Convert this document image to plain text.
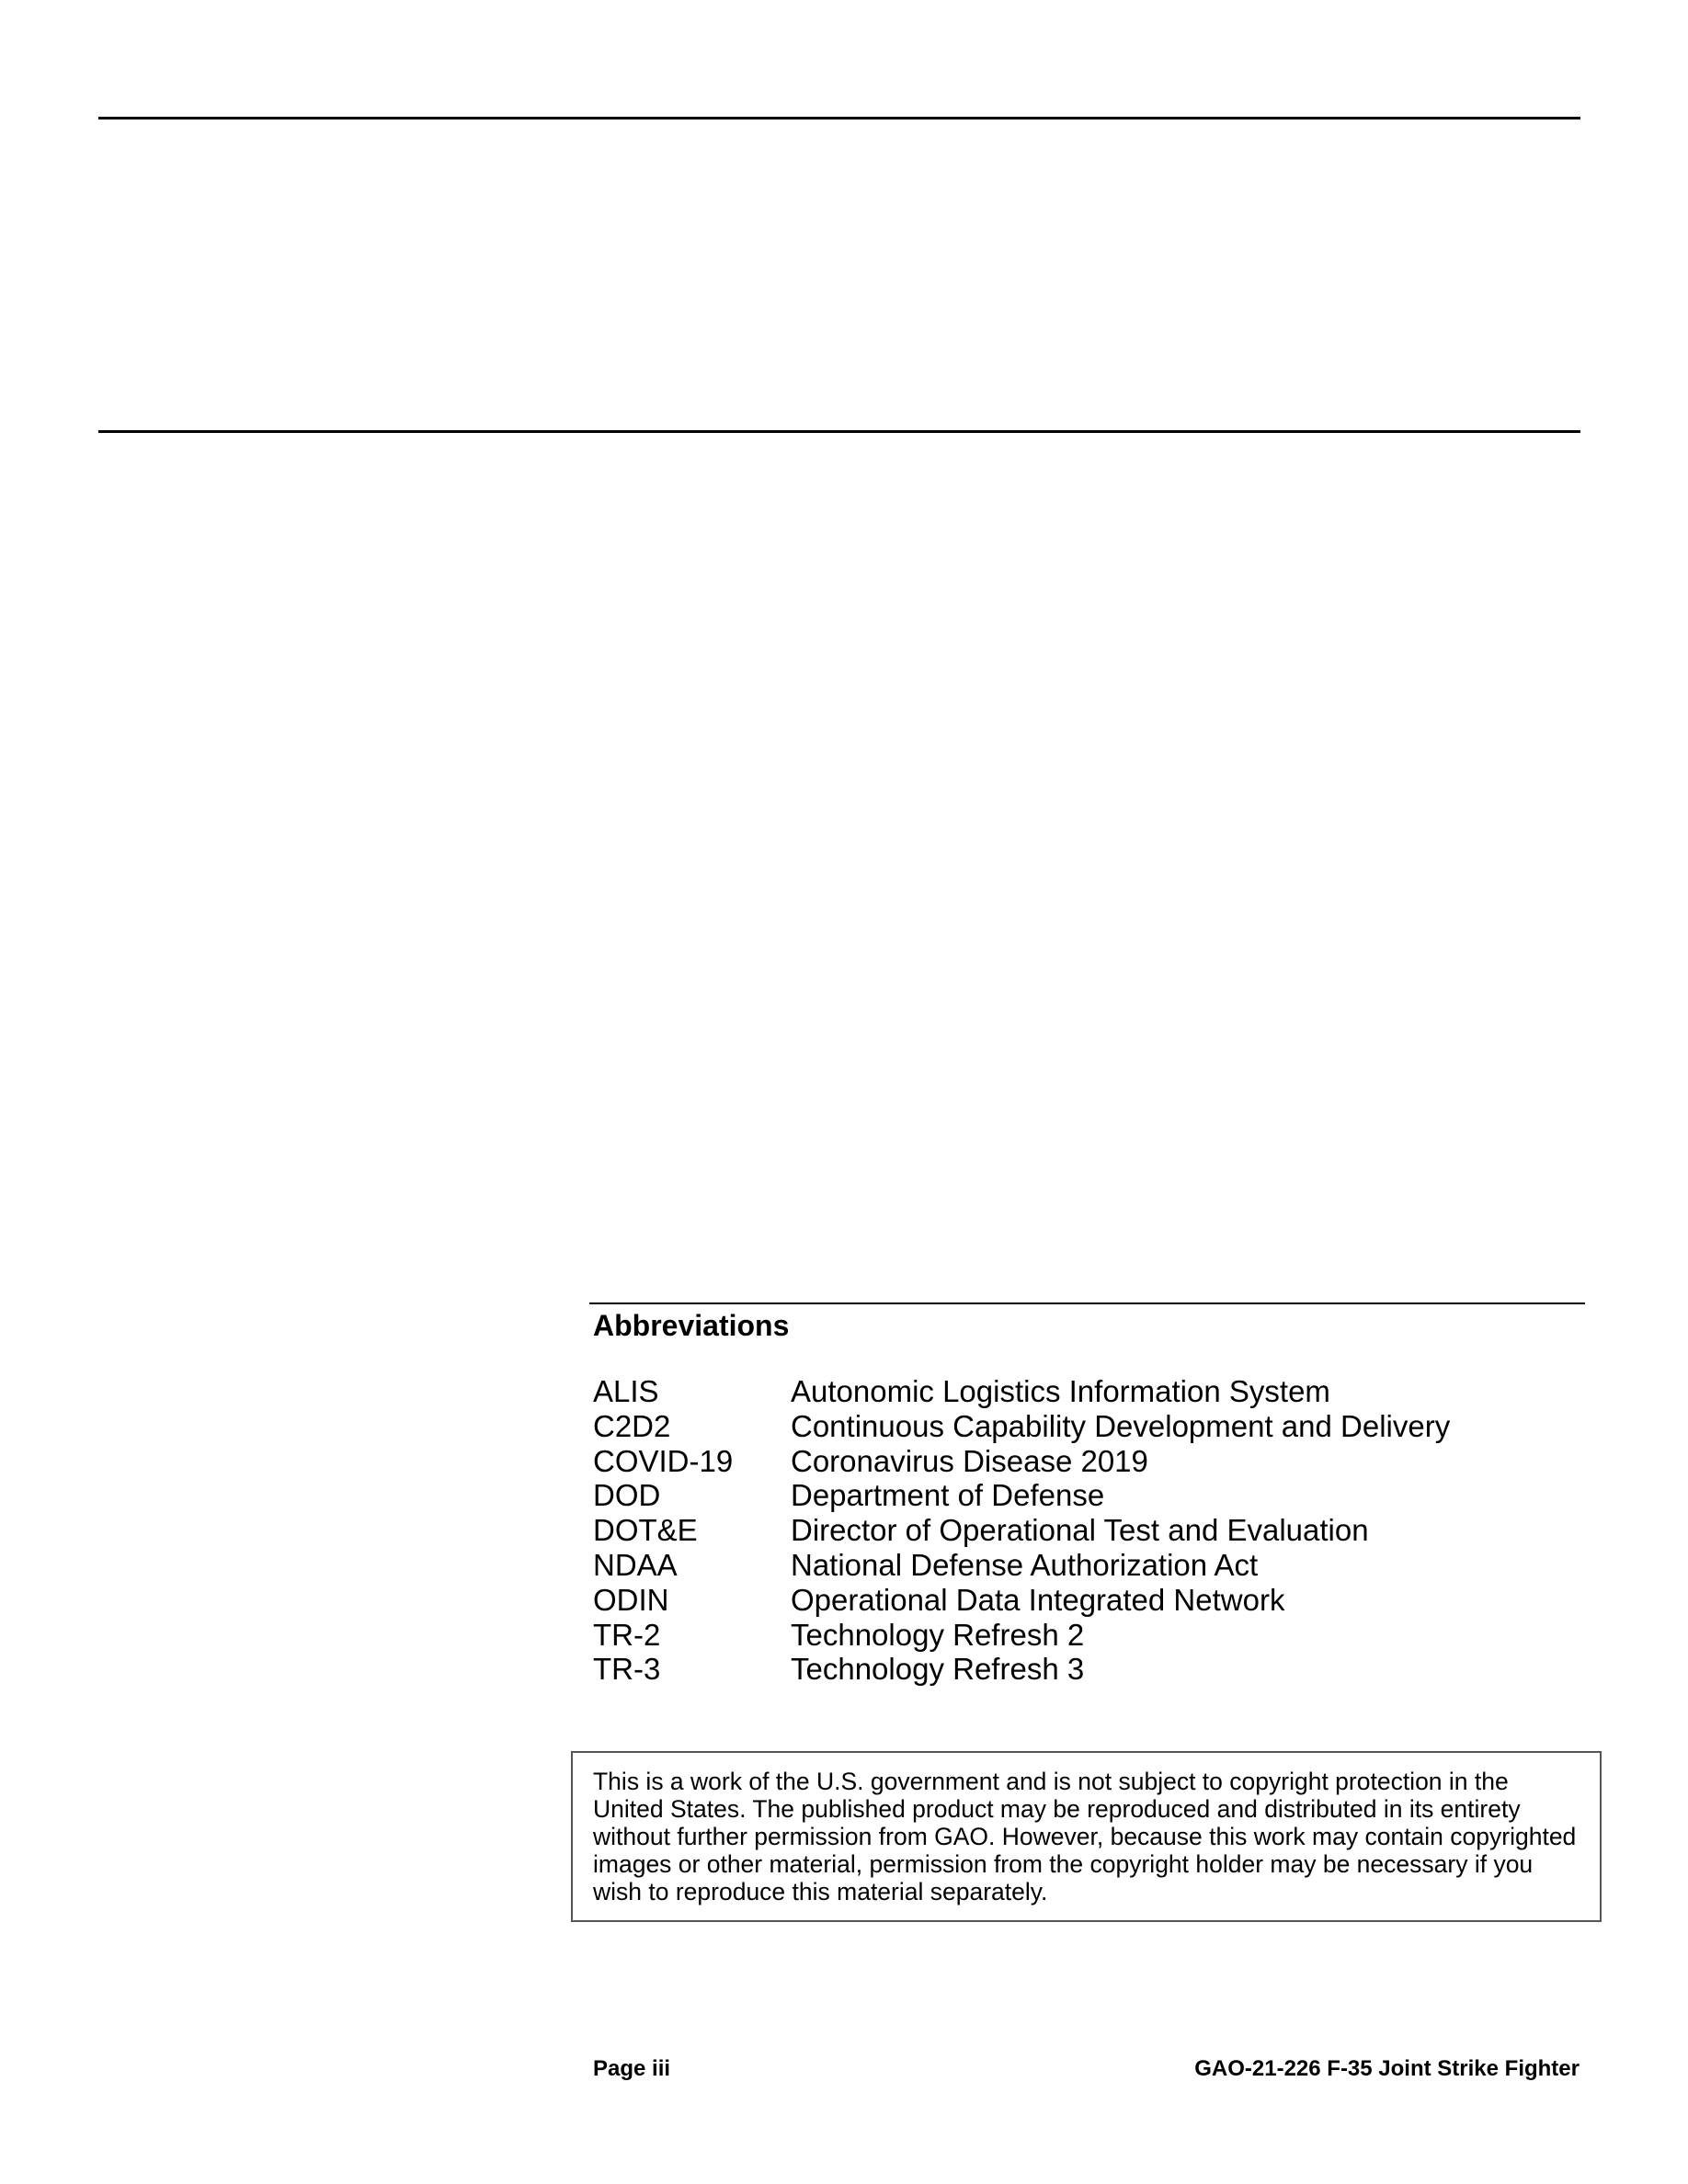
Abbreviations
ALIS	Autonomic Logistics Information System
C2D2	Continuous Capability Development and Delivery
COVID-19	Coronavirus Disease 2019
DOD	Department of Defense
DOT&E	Director of Operational Test and Evaluation
NDAA	National Defense Authorization Act
ODIN	Operational Data Integrated Network
TR-2	Technology Refresh 2
TR-3	Technology Refresh 3

This is a work of the U.S. government and is not subject to copyright protection in the United States. The published product may be reproduced and distributed in its entirety without further permission from GAO. However, because this work may contain copyrighted images or other material, permission from the copyright holder may be necessary if you wish to reproduce this material separately.

Page iii	GAO-21-226 F-35 Joint Strike Fighter
